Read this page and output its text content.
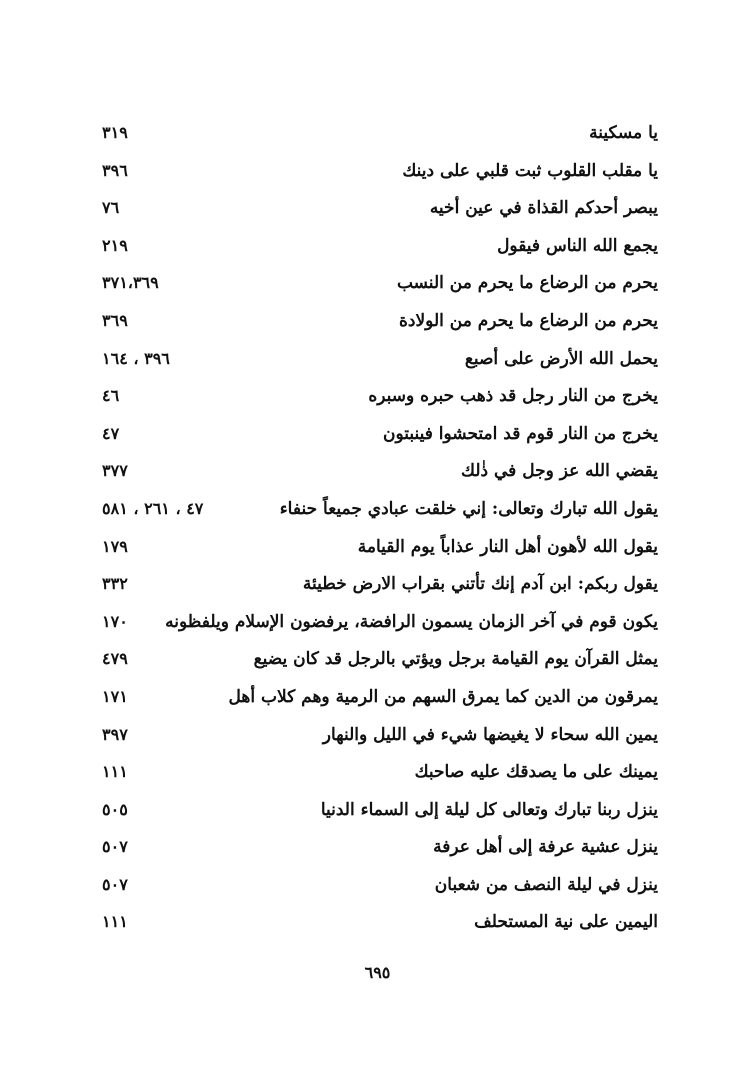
يا مسكينة
٣١٩
يا مقلب القلوب ثبت قلبي على دينك
٣٩٦
يبصر أحدكم القذاة في عين أخيه
٧٦
يجمع الله الناس فيقول
٢١٩
يحرم من الرضاع ما يحرم من النسب
٣٧١،٣٦٩
يحرم من الرضاع ما يحرم من الولادة
٣٦٩
يحمل الله الأرض على أصبع
٣٩٦ ، ١٦٤
يخرج من النار رجل قد ذهب حبره وسبره
٤٦
يخرج من النار قوم قد امتحشوا فينبتون
٤٧
يقضي الله عز وجل في ذٰلك
٣٧٧
يقول الله تبارك وتعالى: إني خلقت عبادي جميعاً حنفاء
٤٧ ، ٢٦١ ، ٥٨١
يقول الله لأهون أهل النار عذاباً يوم القيامة
١٧٩
يقول ربكم: ابن آدم إنك تأتني بقراب الارض خطيئة
٣٣٢
يكون قوم في آخر الزمان يسمون الرافضة، يرفضون الإسلام ويلفظونه
١٧٠
يمثل القرآن يوم القيامة برجل ويؤتي بالرجل قد كان يضيع
٤٧٩
يمرقون من الدين كما يمرق السهم من الرمية وهم كلاب أهل
١٧١
يمين الله سحاء لا يغيضها شيء في الليل والنهار
٣٩٧
يمينك على ما يصدقك عليه صاحبك
١١١
ينزل ربنا تبارك وتعالى كل ليلة إلى السماء الدنيا
٥٠٥
ينزل عشية عرفة إلى أهل عرفة
٥٠٧
ينزل في ليلة النصف من شعبان
٥٠٧
اليمين على نية المستحلف
١١١
٦٩٥
